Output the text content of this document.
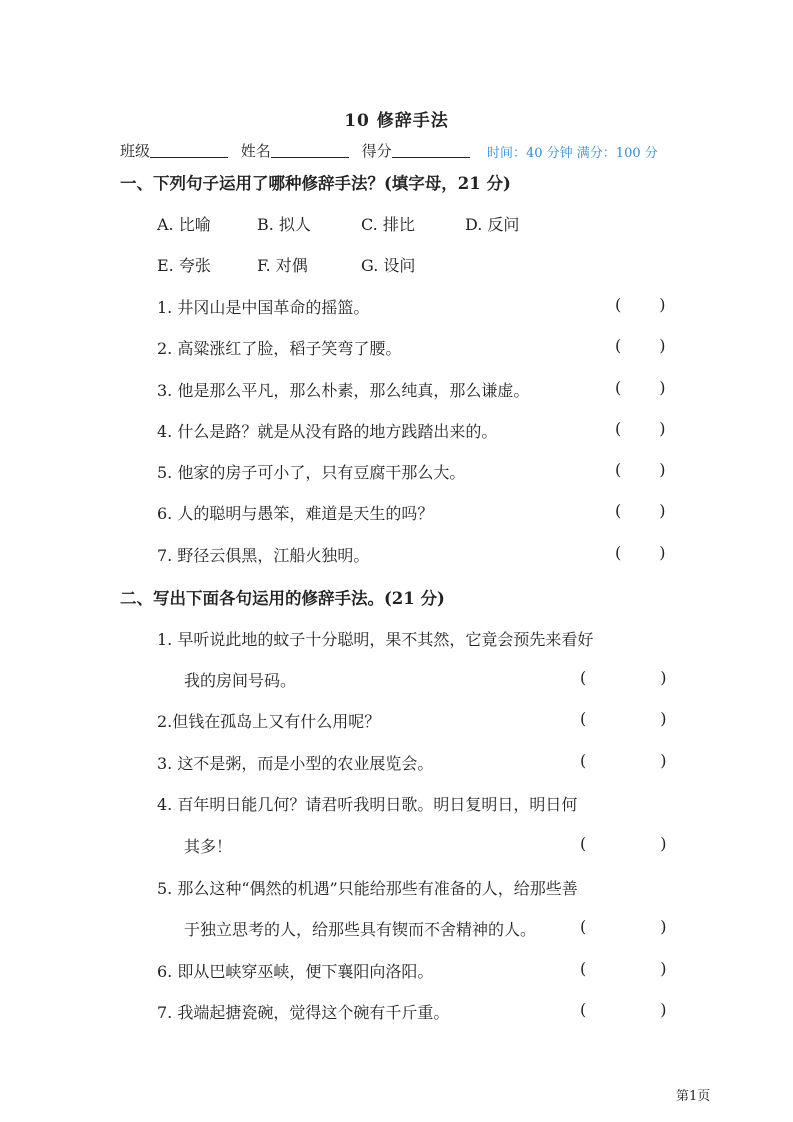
10 修辞手法
班级	姓名	得分	时间：40 分钟 满分：100 分
一、下列句子运用了哪种修辞手法？(填字母，21 分)
A. 比喻	B. 拟人	C. 排比	D. 反问
E. 夸张	F. 对偶	G. 设问
1. 井冈山是中国革命的摇篮。	( )
2. 高粱涨红了脸，稻子笑弯了腰。	( )
3. 他是那么平凡，那么朴素，那么纯真，那么谦虚。	( )
4. 什么是路？就是从没有路的地方践踏出来的。	( )
5. 他家的房子可小了，只有豆腐干那么大。	( )
6. 人的聪明与愚笨，难道是天生的吗？	( )
7. 野径云俱黑，江船火独明。	( )
二、写出下面各句运用的修辞手法。(21 分)
1. 早听说此地的蚊子十分聪明，果不其然，它竟会预先来看好
我的房间号码。	(	)
2.但钱在孤岛上又有什么用呢？	(	)
3. 这不是粥，而是小型的农业展览会。	(	)
4. 百年明日能几何？请君听我明日歌。明日复明日，明日何
其多！	(	)
5. 那么这种“偶然的机遇”只能给那些有准备的人，给那些善
于独立思考的人，给那些具有锲而不舍精神的人。	(	)
6. 即从巴峡穿巫峡，便下襄阳向洛阳。	(	)
7. 我端起搪瓷碗，觉得这个碗有千斤重。	(	)
第1页
